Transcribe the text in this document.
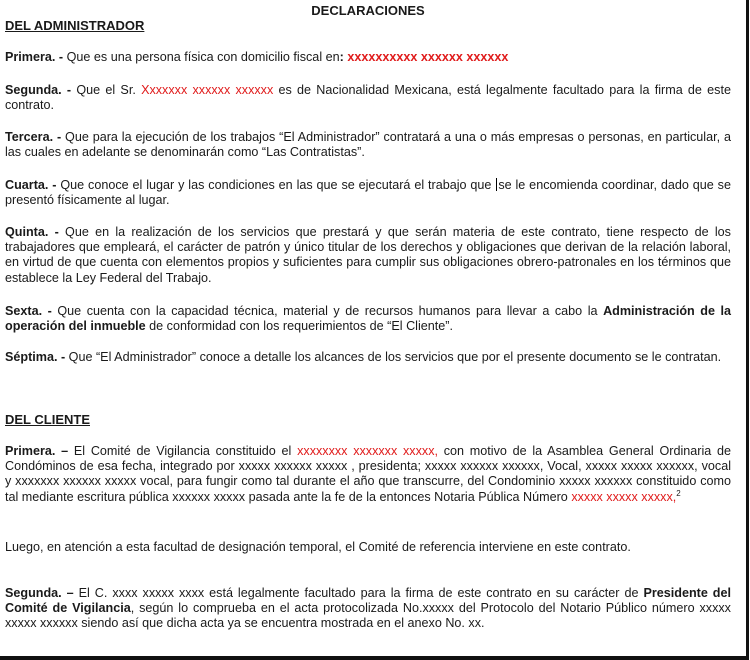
DECLARACIONES
DEL ADMINISTRADOR

Primera. - Que es una persona física con domicilio fiscal en: xxxxxxxxxx xxxxxx xxxxxx

Segunda. - Que el Sr. Xxxxxxx xxxxxx xxxxxx es de Nacionalidad Mexicana, está legalmente facultado para la firma de este contrato.

Tercera. - Que para la ejecución de los trabajos “El Administrador” contratará a una o más empresas o personas, en particular, a las cuales en adelante se denominarán como “Las Contratistas”.

Cuarta. - Que conoce el lugar y las condiciones en las que se ejecutará el trabajo que se le encomienda coordinar, dado que se presentó físicamente al lugar.

Quinta. - Que en la realización de los servicios que prestará y que serán materia de este contrato, tiene respecto de los trabajadores que empleará, el carácter de patrón y único titular de los derechos y obligaciones que derivan de la relación laboral, en virtud de que cuenta con elementos propios y suficientes para cumplir sus obligaciones obrero-patronales en los términos que establece la Ley Federal del Trabajo.

Sexta. - Que cuenta con la capacidad técnica, material y de recursos humanos para llevar a cabo la Administración de la operación del inmueble de conformidad con los requerimientos de “El Cliente”.

Séptima. - Que “El Administrador” conoce a detalle los alcances de los servicios que por el presente documento se le contratan.

DEL CLIENTE

Primera. – El Comité de Vigilancia constituido el xxxxxxxx xxxxxxx xxxxx, con motivo de la Asamblea General Ordinaria de Condóminos de esa fecha, integrado por xxxxx xxxxxx xxxxx , presidenta; xxxxx xxxxxx xxxxxx, Vocal, xxxxx xxxxx xxxxxx, vocal y xxxxxxx xxxxxx xxxxx vocal, para fungir como tal durante el año que transcurre, del Condominio xxxxx xxxxxx constituido como tal mediante escritura pública xxxxxx xxxxx pasada ante la fe de la entonces Notaria Pública Número xxxxx xxxxx xxxxx,$^2$

Luego, en atención a esta facultad de designación temporal, el Comité de referencia interviene en este contrato.

Segunda. – El C. xxxx xxxxx xxxx está legalmente facultado para la firma de este contrato en su carácter de Presidente del Comité de Vigilancia, según lo comprueba en el acta protocolizada No.xxxxx del Protocolo del Notario Público número xxxxx xxxxx xxxxxx siendo así que dicha acta ya se encuentra mostrada en el anexo No. xx.
